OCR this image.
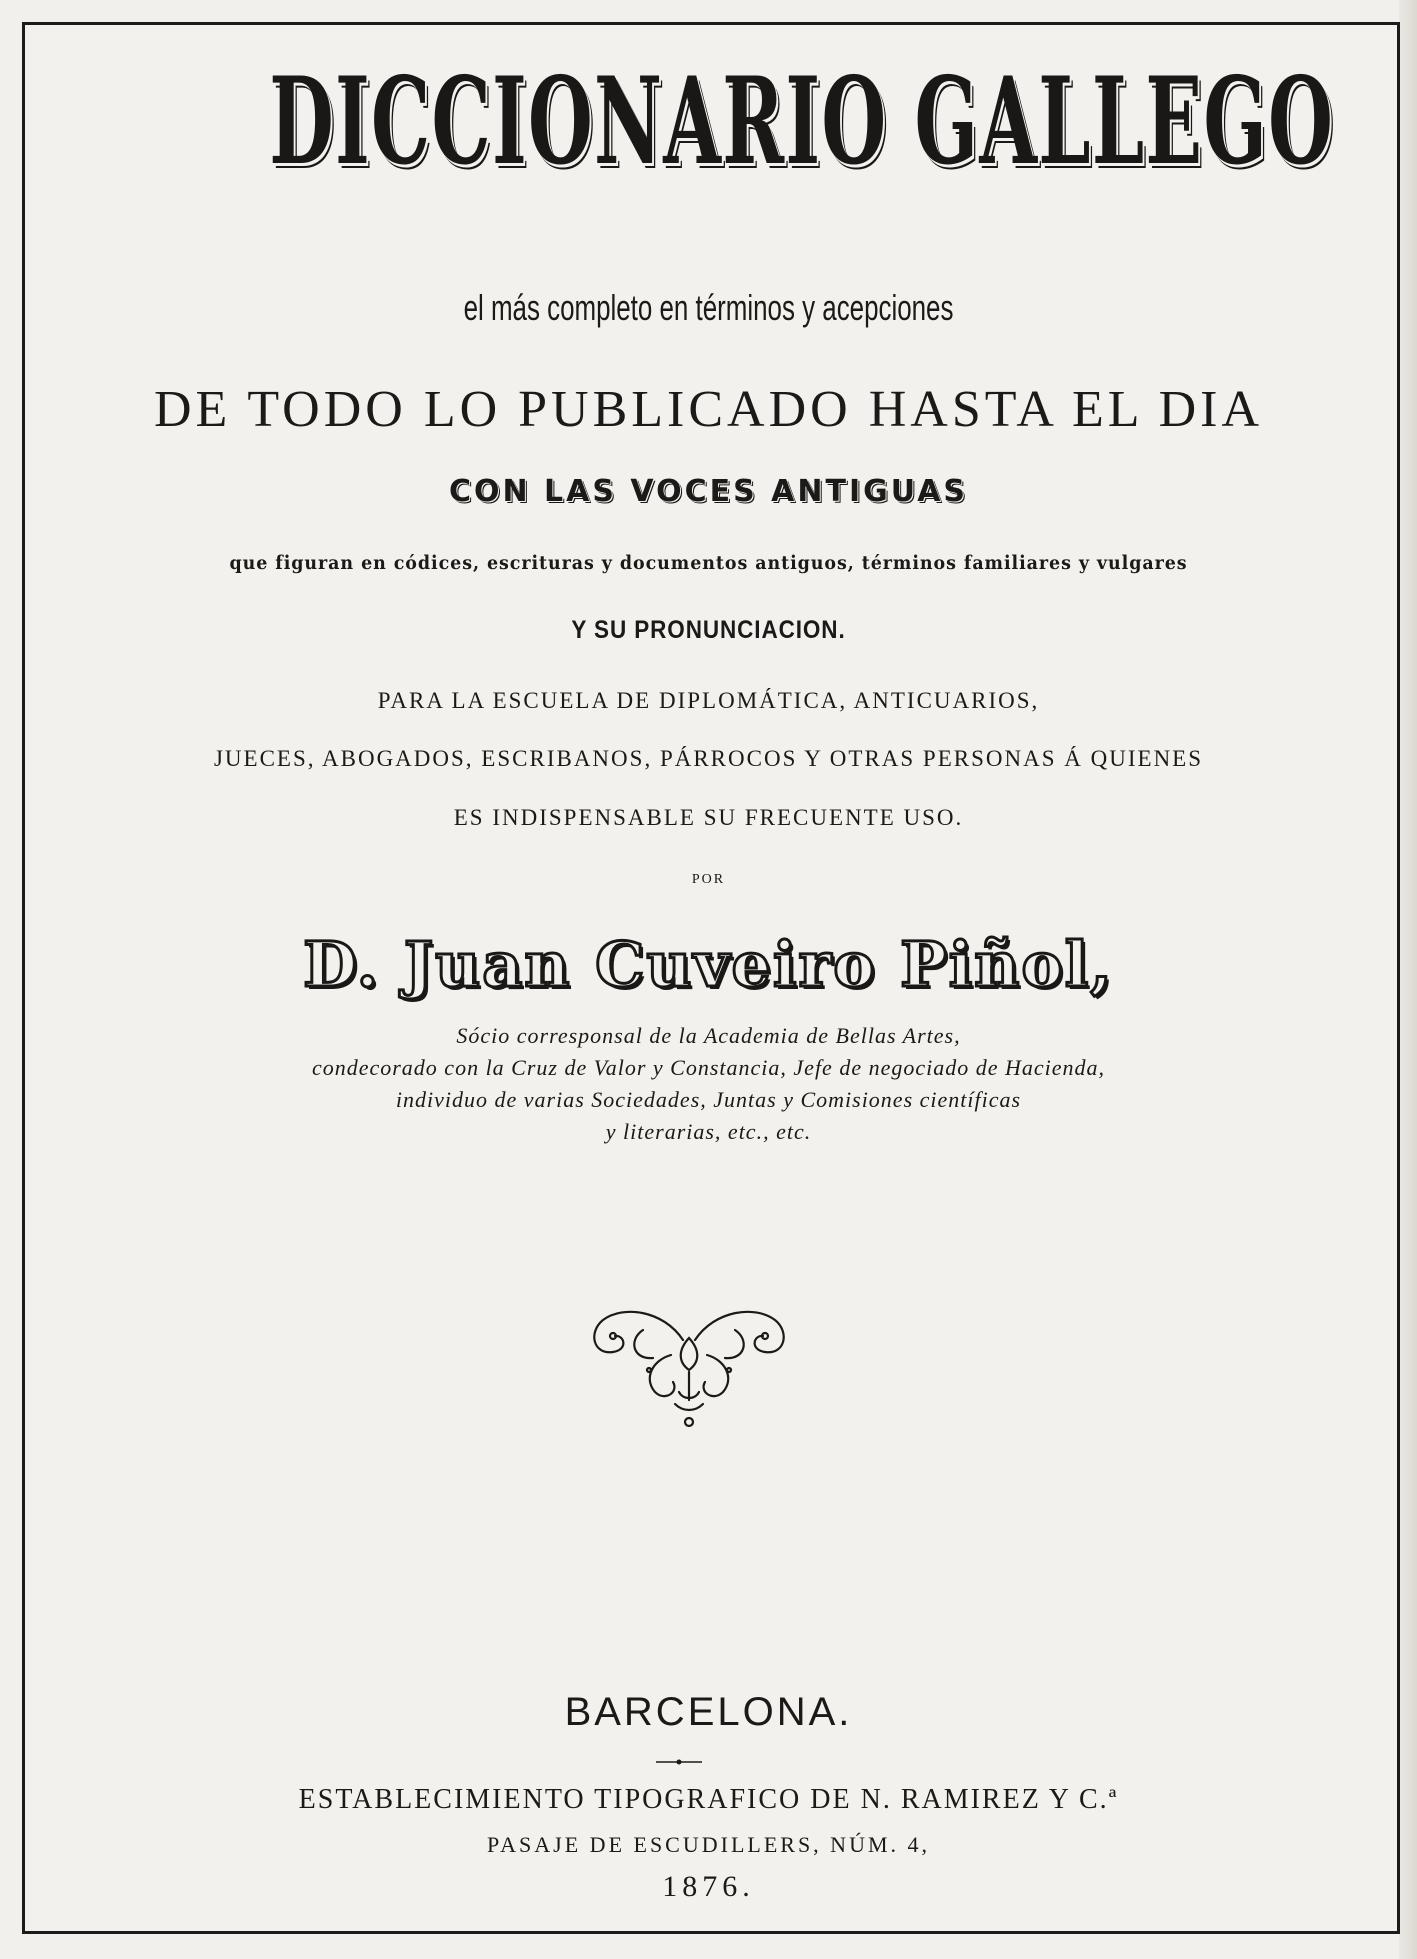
DICCIONARIO GALLEGO
el más completo en términos y acepciones
DE TODO LO PUBLICADO HASTA EL DIA
CON LAS VOCES ANTIGUAS
que figuran en códices, escrituras y documentos antiguos, términos familiares y vulgares
Y SU PRONUNCIACION.
PARA LA ESCUELA DE DIPLOMÁTICA, ANTICUARIOS,
JUECES, ABOGADOS, ESCRIBANOS, PÁRROCOS Y OTRAS PERSONAS Á QUIENES
ES INDISPENSABLE SU FRECUENTE USO.
POR
D. Juan Cuveiro Piñol,
Sócio corresponsal de la Academia de Bellas Artes,
condecorado con la Cruz de Valor y Constancia, Jefe de negociado de Hacienda,
individuo de varias Sociedades, Juntas y Comisiones científicas
y literarias, etc., etc.
BARCELONA.
ESTABLECIMIENTO TIPOGRAFICO DE N. RAMIREZ Y C.ª
PASAJE DE ESCUDILLERS, NÚM. 4,
1876.
